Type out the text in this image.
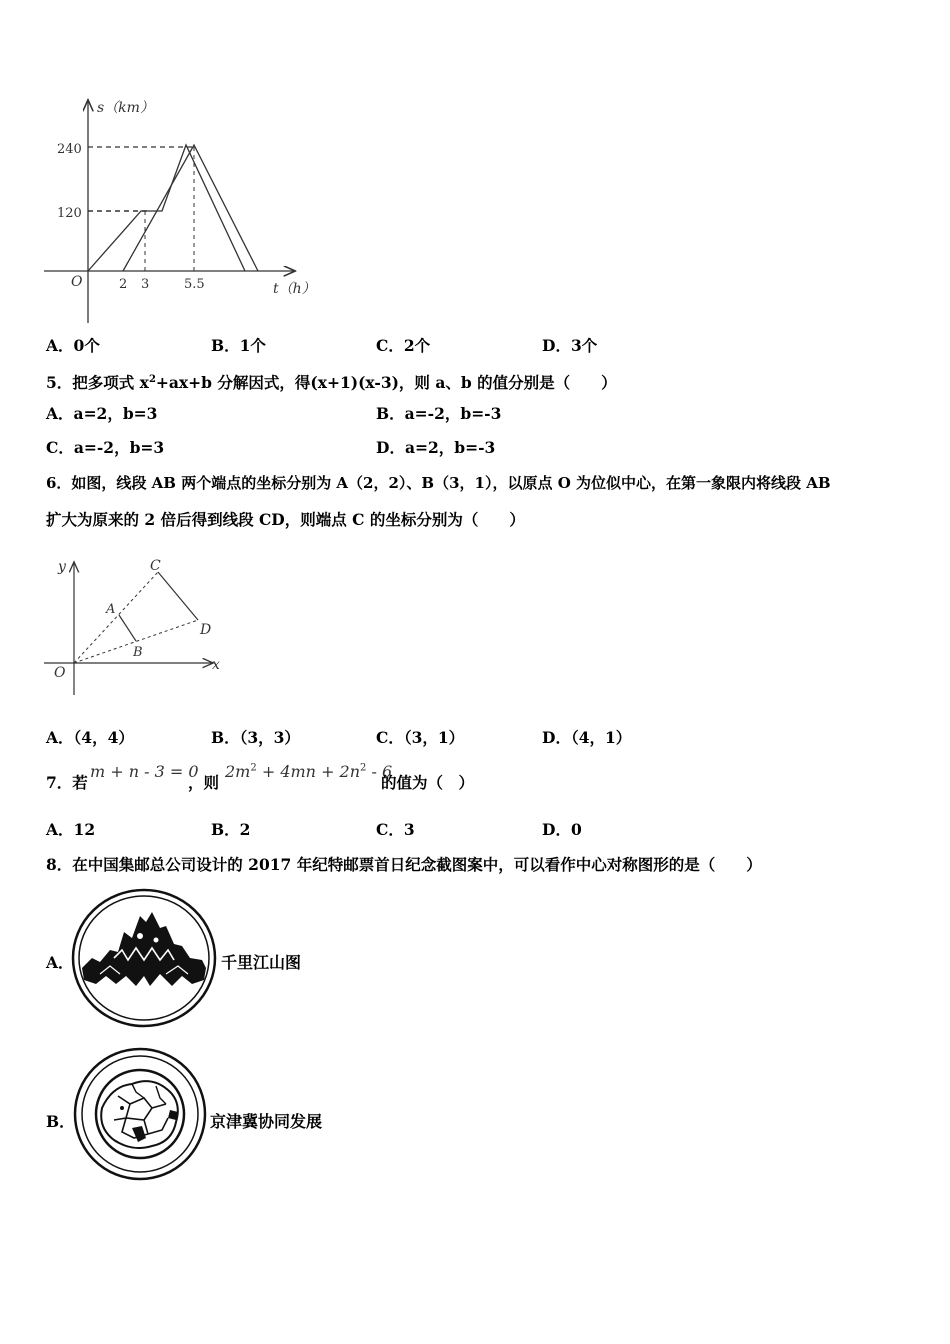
s（km）
t（h）
O
240
120
2 3	5.5
A．0个	B．1个	C．2个	D．3个
5．把多项式 $x^2+ax+b$ 分解因式，得(x+1)(x-3)，则 a、b 的值分别是（　　）
A．a=2，b=3	B．a=-2，b=-3
C．a=-2，b=3	D．a=2，b=-3
6．如图，线段 AB 两个端点的坐标分别为 A（2，2）、B（3，1），以原点 O 为位似中心，在第一象限内将线段 AB
扩大为原来的 2 倍后得到线段 CD，则端点 C 的坐标分别为（　　）
y
x
O
A
B
C
D
A．（4，4）	B．（3，3）	C．（3，1）	D．（4，1）
7．若
m + n - 3 = 0
，则
$2m^2 + 4mn + 2n^2 - 6$
的值为（　）
A．12	B．2	C．3	D．0
8．在中国集邮总公司设计的 2017 年纪特邮票首日纪念截图案中，可以看作中心对称图形的是（　　）
A．	千里江山图
B．	京津冀协同发展
